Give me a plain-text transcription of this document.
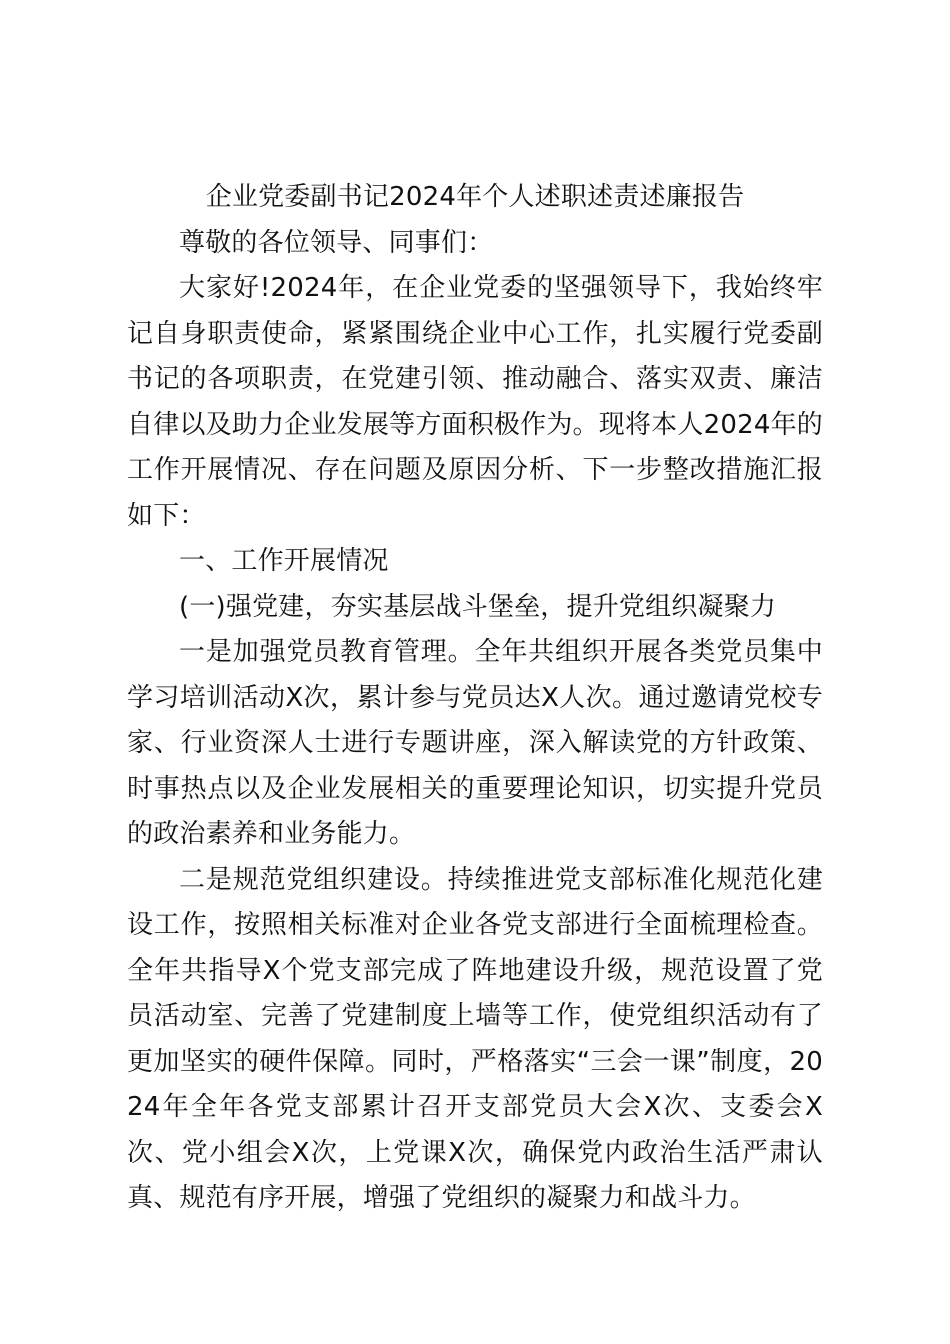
企业党委副书记2024年个人述职述责述廉报告

尊敬的各位领导、同事们：

大家好!2024年，在企业党委的坚强领导下，我始终牢记自身职责使命，紧紧围绕企业中心工作，扎实履行党委副书记的各项职责，在党建引领、推动融合、落实双责、廉洁自律以及助力企业发展等方面积极作为。现将本人2024年的工作开展情况、存在问题及原因分析、下一步整改措施汇报如下：

一、工作开展情况

(一)强党建，夯实基层战斗堡垒，提升党组织凝聚力

一是加强党员教育管理。全年共组织开展各类党员集中学习培训活动X次，累计参与党员达X人次。通过邀请党校专家、行业资深人士进行专题讲座，深入解读党的方针政策、时事热点以及企业发展相关的重要理论知识，切实提升党员的政治素养和业务能力。

二是规范党组织建设。持续推进党支部标准化规范化建设工作，按照相关标准对企业各党支部进行全面梳理检查。全年共指导X个党支部完成了阵地建设升级，规范设置了党员活动室、完善了党建制度上墙等工作，使党组织活动有了更加坚实的硬件保障。同时，严格落实“三会一课”制度，2024年全年各党支部累计召开支部党员大会X次、支委会X次、党小组会X次，上党课X次，确保党内政治生活严肃认真、规范有序开展，增强了党组织的凝聚力和战斗力。
